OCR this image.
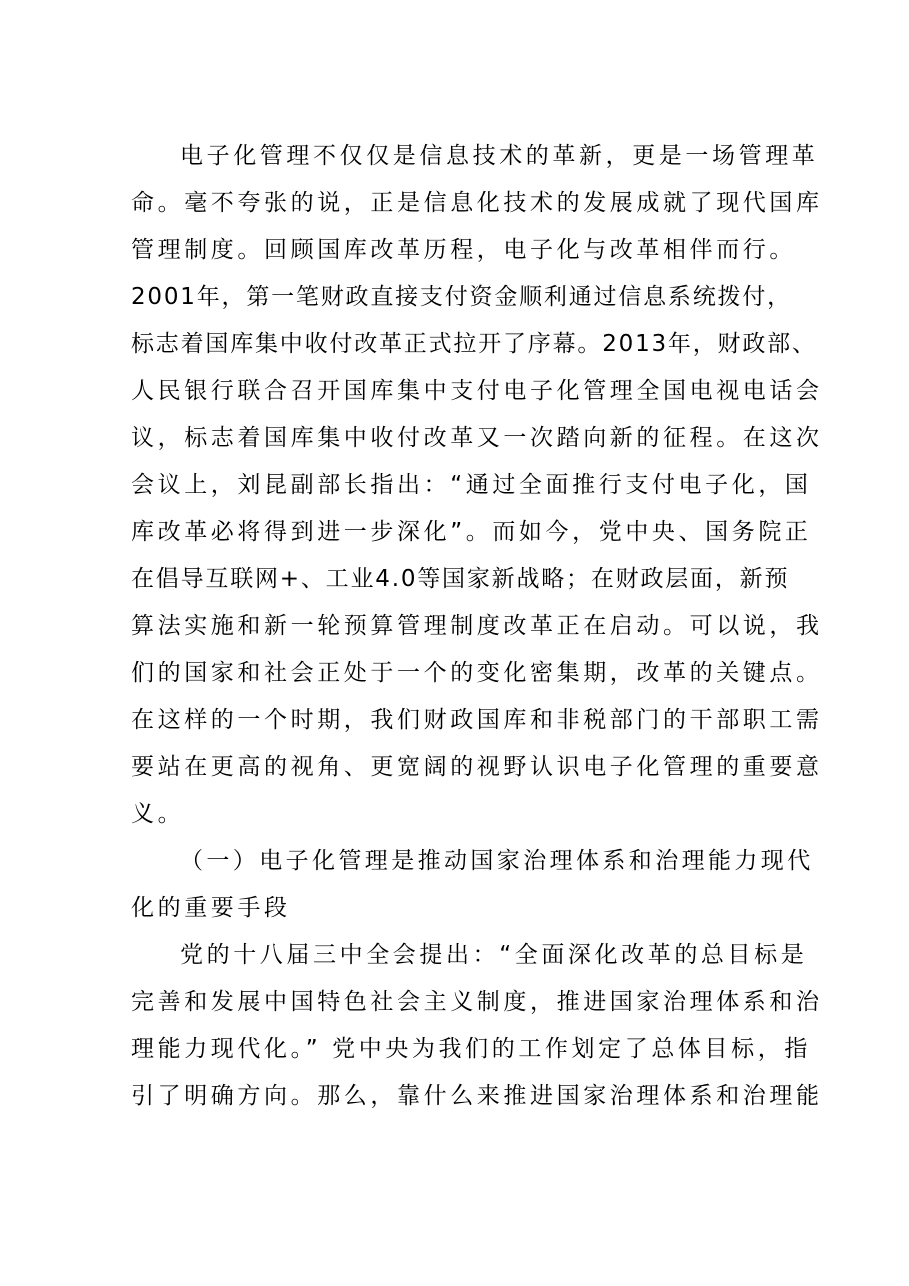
电子化管理不仅仅是信息技术的革新，更是一场管理革
命。毫不夸张的说，正是信息化技术的发展成就了现代国库
管理制度。回顾国库改革历程，电子化与改革相伴而行。
2001年，第一笔财政直接支付资金顺利通过信息系统拨付，
标志着国库集中收付改革正式拉开了序幕。2013年，财政部、
人民银行联合召开国库集中支付电子化管理全国电视电话会
议，标志着国库集中收付改革又一次踏向新的征程。在这次
会议上，刘昆副部长指出：“通过全面推行支付电子化，国
库改革必将得到进一步深化”。而如今，党中央、国务院正
在倡导互联网+、工业4.0等国家新战略；在财政层面，新预
算法实施和新一轮预算管理制度改革正在启动。可以说，我
们的国家和社会正处于一个的变化密集期，改革的关键点。
在这样的一个时期，我们财政国库和非税部门的干部职工需
要站在更高的视角、更宽阔的视野认识电子化管理的重要意
义。
（一）电子化管理是推动国家治理体系和治理能力现代
化的重要手段
党的十八届三中全会提出：“全面深化改革的总目标是
完善和发展中国特色社会主义制度，推进国家治理体系和治
理能力现代化。” 党中央为我们的工作划定了总体目标，指
引了明确方向。那么，靠什么来推进国家治理体系和治理能
